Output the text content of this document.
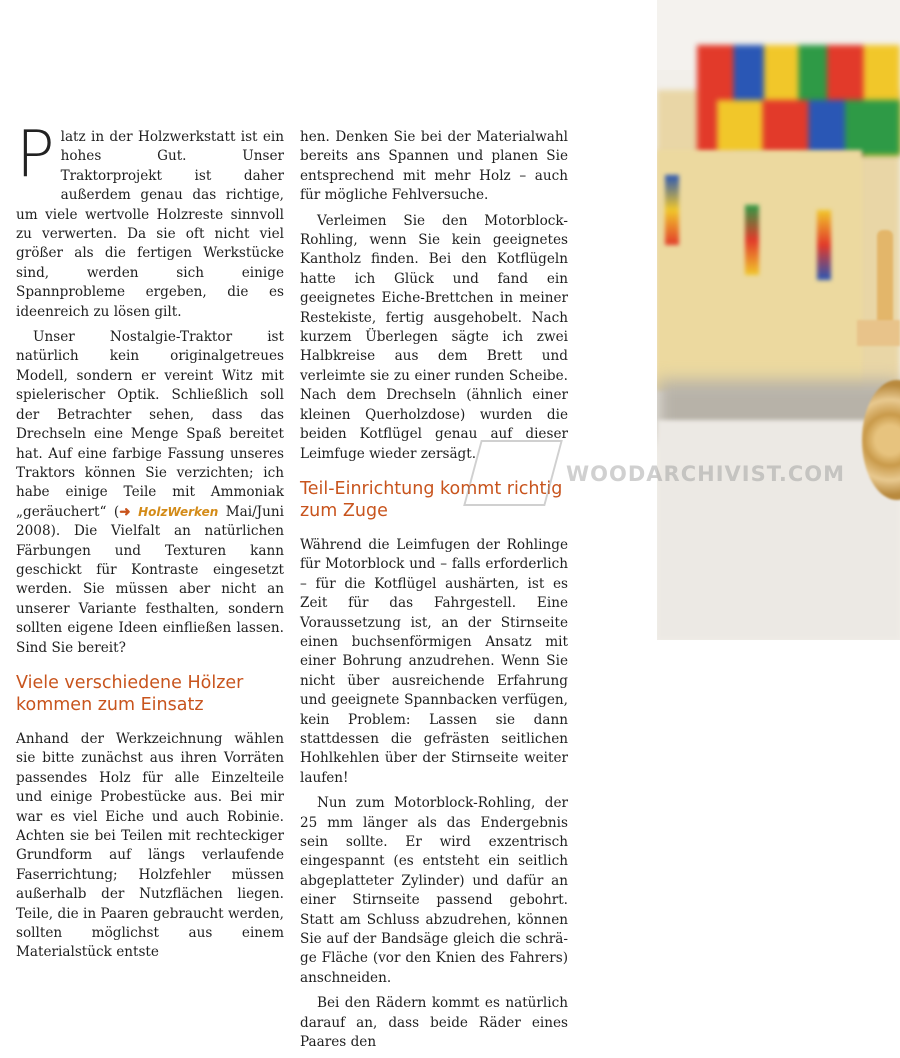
Platz in der Holzwerkstatt ist ein hohes Gut. Unser Traktorprojekt ist daher außerdem genau das richtige, um viele wertvolle Holzreste sinnvoll zu verwerten. Da sie oft nicht viel größer als die fertigen Werkstücke sind, werden sich einige Spannprobleme ergeben, die es ideenreich zu lösen gilt.

Unser Nostalgie-Traktor ist natürlich kein originalgetreues Modell, sondern er vereint Witz mit spielerischer Optik. Schließlich soll der Betrachter sehen, dass das Drechseln eine Menge Spaß bereitet hat. Auf eine farbige Fassung unseres Traktors können Sie verzichten; ich habe einige Teile mit Ammoniak „geräuchert“ (➜ HolzWerken Mai/Juni 2008). Die Vielfalt an natürlichen Färbungen und Texturen kann geschickt für Kontraste eingesetzt werden. Sie müssen aber nicht an unserer Variante festhalten, sondern sollten eigene Ideen einfließen lassen. Sind Sie bereit?

Viele verschiedene Hölzer kommen zum Einsatz

Anhand der Werkzeichnung wählen sie bitte zunächst aus ihren Vorräten passendes Holz für alle Einzelteile und einige Probestücke aus. Bei mir war es viel Eiche und auch Robinie. Achten sie bei Teilen mit rechteckiger Grundform auf längs verlaufende Faserrichtung; Holzfehler müssen außerhalb der Nutzflächen liegen. Teile, die in Paaren gebraucht werden, sollten möglichst aus einem Materialstück entste

hen. Denken Sie bei der Materialwahl bereits ans Spannen und planen Sie entsprechend mit mehr Holz – auch für mögliche Fehlversuche.

Verleimen Sie den Motorblock-Rohling, wenn Sie kein geeignetes Kantholz finden. Bei den Kotflügeln hatte ich Glück und fand ein geeignetes Eiche-Brettchen in meiner Restekiste, fertig ausgehobelt. Nach kurzem Überlegen sägte ich zwei Halbkreise aus dem Brett und verleimte sie zu einer runden Scheibe. Nach dem Drechseln (ähnlich einer kleinen Querholzdose) wurden die beiden Kotflügel genau auf dieser Leimfuge wieder zersägt.

Teil-Einrichtung kommt richtig zum Zuge

Während die Leimfugen der Rohlinge für Motorblock und – falls erforderlich – für die Kotflügel aushärten, ist es Zeit für das Fahrgestell. Eine Voraussetzung ist, an der Stirnseite einen buchsenförmigen Ansatz mit einer Bohrung anzudrehen. Wenn Sie nicht über ausreichende Erfahrung und geeignete Spannbacken verfügen, kein Problem: Lassen sie dann stattdessen die gefrästen seitlichen Hohlkehlen über der Stirnseite weiter laufen!

Nun zum Motorblock-Rohling, der 25 mm länger als das Endergebnis sein sollte. Er wird exzentrisch eingespannt (es entsteht ein seitlich abgeplatteter Zylinder) und dafür an einer Stirnseite passend gebohrt. Statt am Schluss abzudrehen, können Sie auf der Bandsäge gleich die schräge Fläche (vor den Knien des Fahrers) anschneiden.

Bei den Rädern kommt es natürlich darauf an, dass beide Räder eines Paares den

WOODARCHIVIST.COM
